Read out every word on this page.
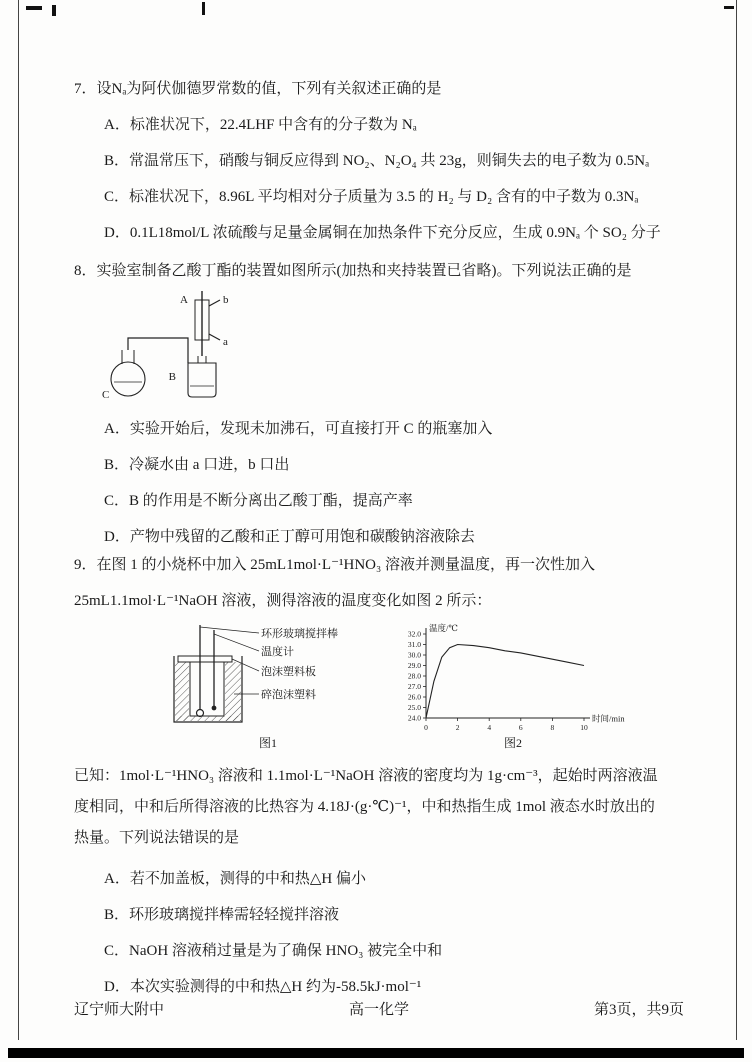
7．设Nₐ为阿伏伽德罗常数的值，下列有关叙述正确的是
A．标准状况下，22.4LHF 中含有的分子数为 Nₐ
B．常温常压下，硝酸与铜反应得到 NO₂、N₂O₄ 共 23g，则铜失去的电子数为 0.5Nₐ
C．标准状况下，8.96L 平均相对分子质量为 3.5 的 H₂ 与 D₂ 含有的中子数为 0.3Nₐ
D．0.1L18mol/L 浓硫酸与足量金属铜在加热条件下充分反应，生成 0.9Nₐ 个 SO₂ 分子
8．实验室制备乙酸丁酯的装置如图所示(加热和夹持装置已省略)。下列说法正确的是
b
a
A
B
C
A．实验开始后，发现未加沸石，可直接打开 C 的瓶塞加入
B．冷凝水由 a 口进，b 口出
C．B 的作用是不断分离出乙酸丁酯，提高产率
D．产物中残留的乙酸和正丁醇可用饱和碳酸钠溶液除去
9．在图 1 的小烧杯中加入 25mL1mol·L⁻¹HNO₃ 溶液并测量温度，再一次性加入
25mL1.1mol·L⁻¹NaOH 溶液，测得溶液的温度变化如图 2 所示：
环形玻璃搅拌棒
温度计
泡沫塑料板
碎泡沫塑料
图1
24.0
25.0
26.0
27.0
28.0
29.0
30.0
31.0
32.0
0	2	4	6	8	10
温度/℃
时间/min
图2
已知：1mol·L⁻¹HNO₃ 溶液和 1.1mol·L⁻¹NaOH 溶液的密度均为 1g·cm⁻³，起始时两溶液温
度相同，中和后所得溶液的比热容为 4.18J·(g·℃)⁻¹，中和热指生成 1mol 液态水时放出的
热量。下列说法错误的是
A．若不加盖板，测得的中和热△H 偏小
B．环形玻璃搅拌棒需轻轻搅拌溶液
C．NaOH 溶液稍过量是为了确保 HNO₃ 被完全中和
D．本次实验测得的中和热△H 约为-58.5kJ·mol⁻¹
辽宁师大附中	高一化学	第3页，共9页
